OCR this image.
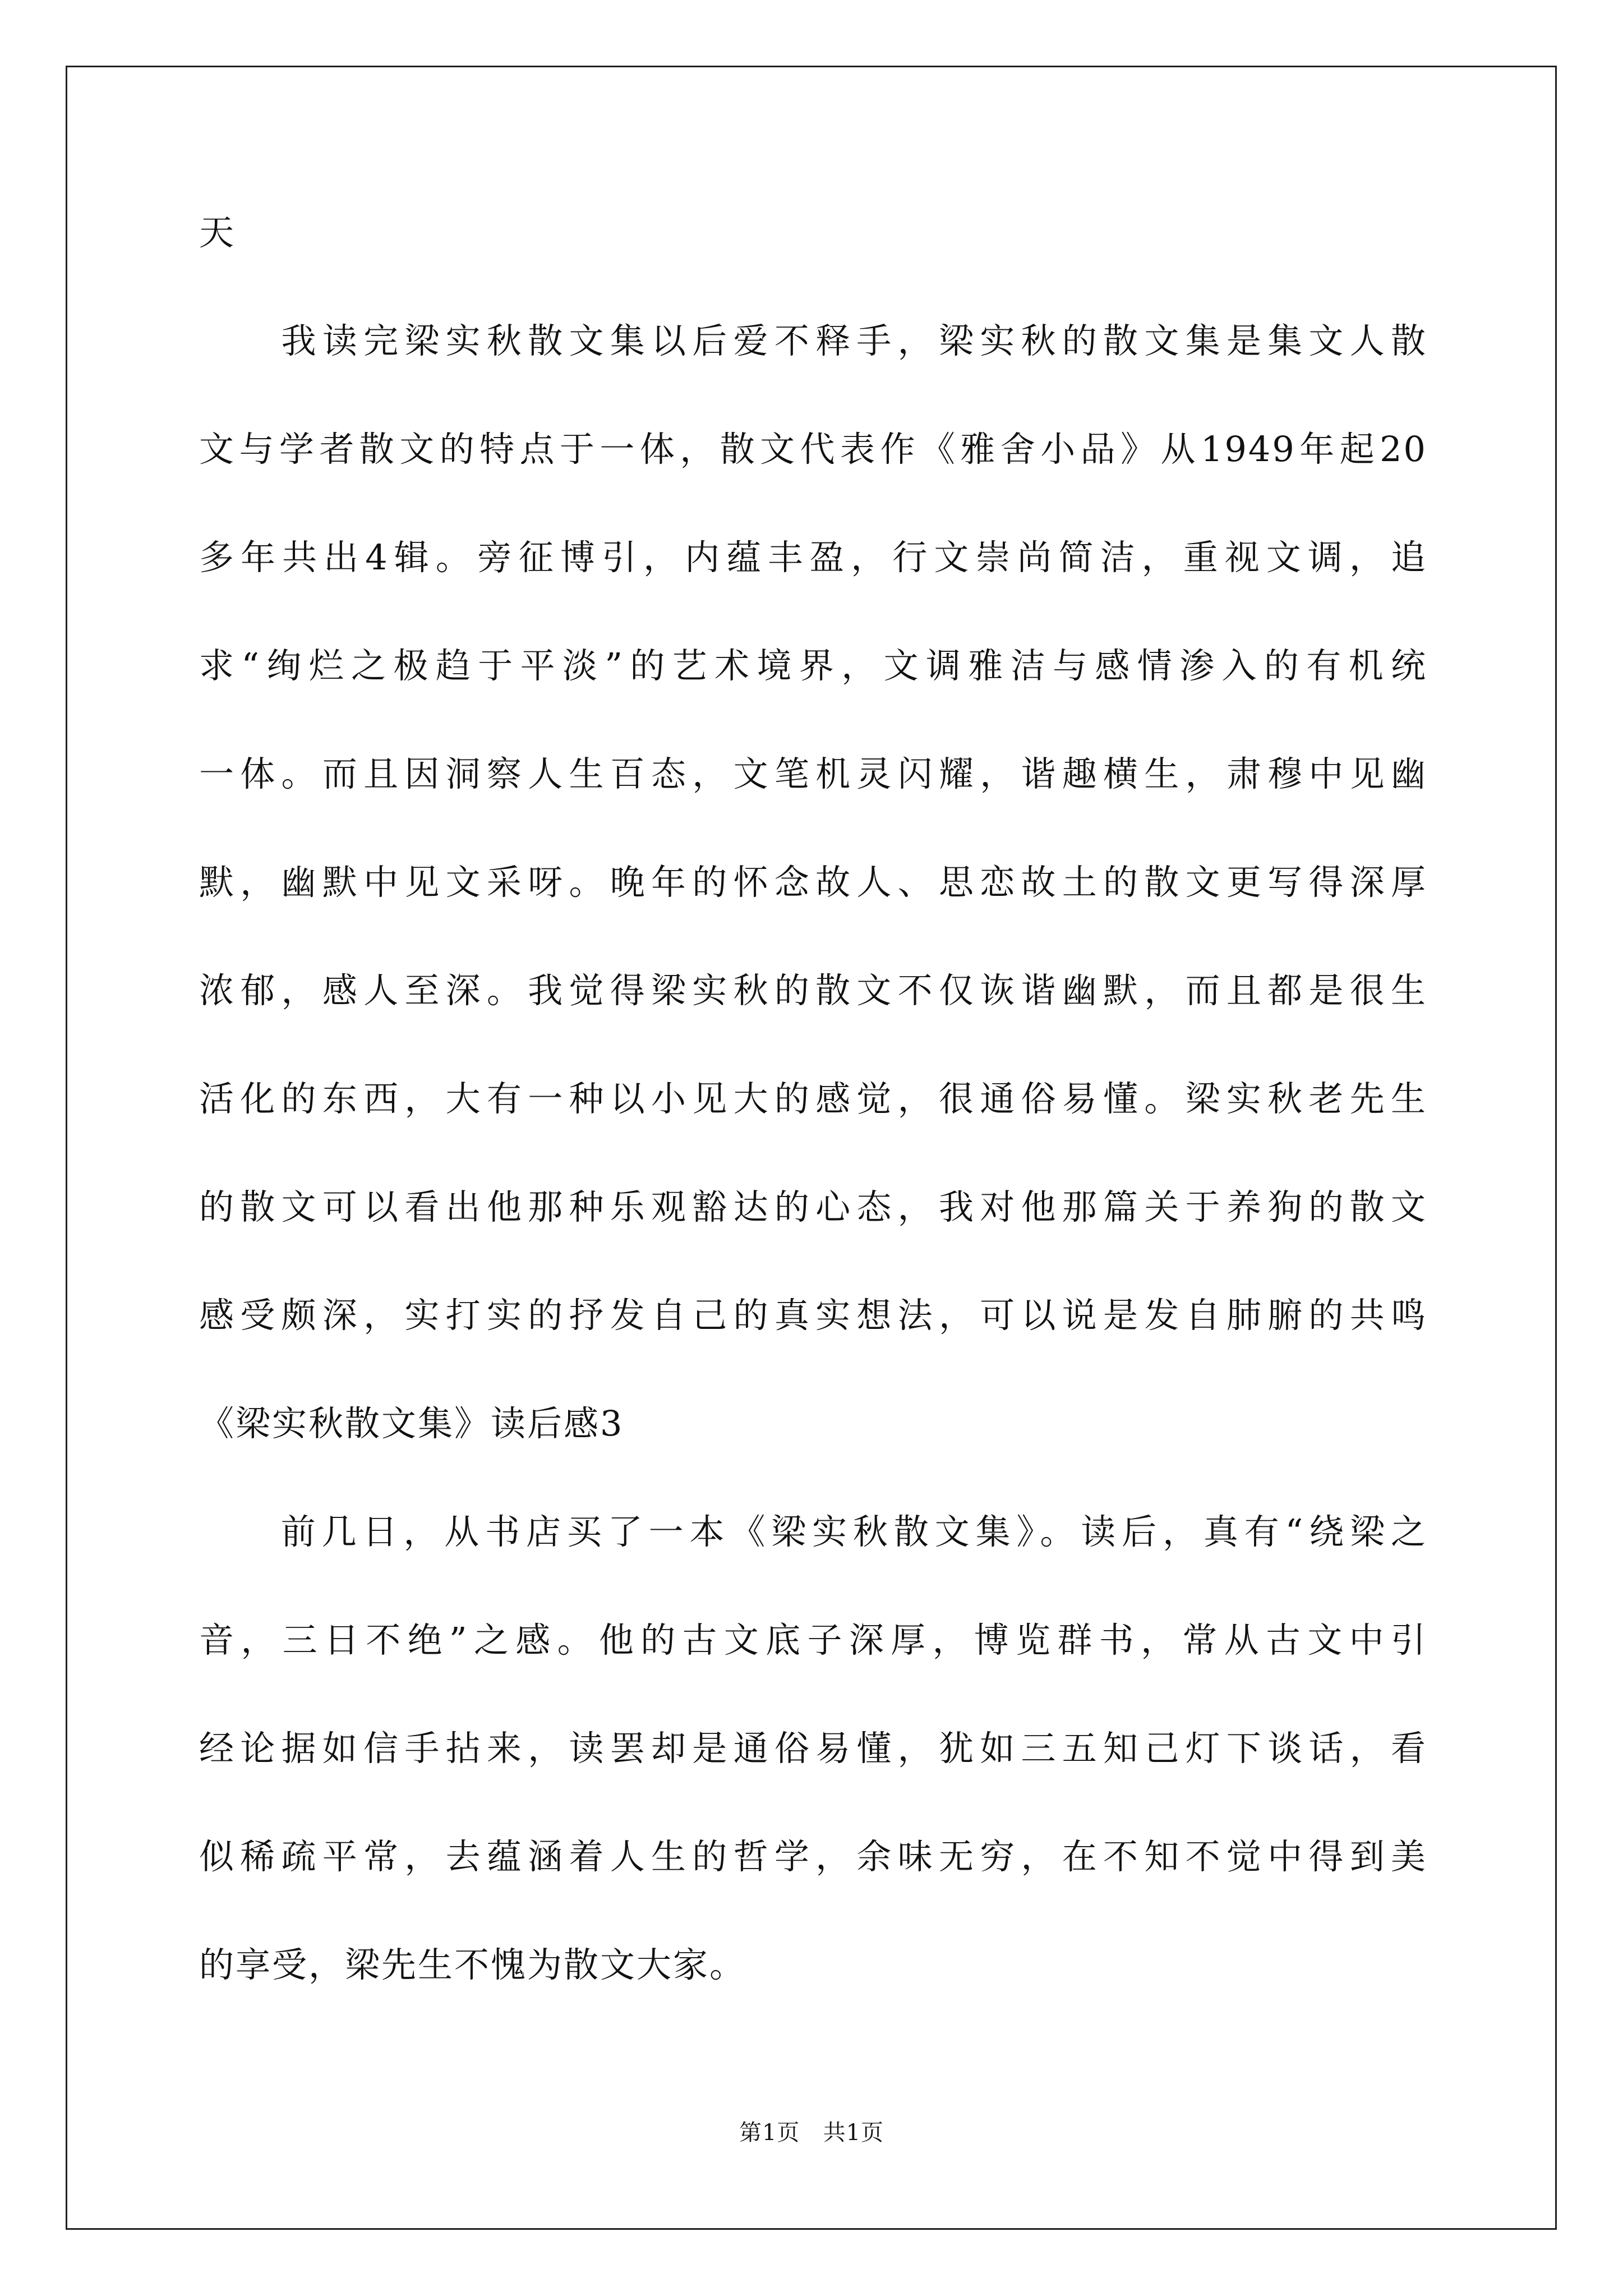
天
　　我读完梁实秋散文集以后爱不释手，梁实秋的散文集是集文人散
文与学者散文的特点于一体，散文代表作《雅舍小品》从1949年起20
多年共出4辑。旁征博引，内蕴丰盈，行文崇尚简洁，重视文调，追
求“绚烂之极趋于平淡”的艺术境界，文调雅洁与感情渗入的有机统
一体。而且因洞察人生百态，文笔机灵闪耀，谐趣横生，肃穆中见幽
默，幽默中见文采呀。晚年的怀念故人、思恋故土的散文更写得深厚
浓郁，感人至深。我觉得梁实秋的散文不仅诙谐幽默，而且都是很生
活化的东西，大有一种以小见大的感觉，很通俗易懂。梁实秋老先生
的散文可以看出他那种乐观豁达的心态，我对他那篇关于养狗的散文
感受颇深，实打实的抒发自己的真实想法，可以说是发自肺腑的共鸣
《梁实秋散文集》读后感3
　　前几日，从书店买了一本《梁实秋散文集》。读后，真有“绕梁之
音，三日不绝”之感。他的古文底子深厚，博览群书，常从古文中引
经论据如信手拈来，读罢却是通俗易懂，犹如三五知己灯下谈话，看
似稀疏平常，去蕴涵着人生的哲学，余味无穷，在不知不觉中得到美
的享受，梁先生不愧为散文大家。
第1页 共1页
